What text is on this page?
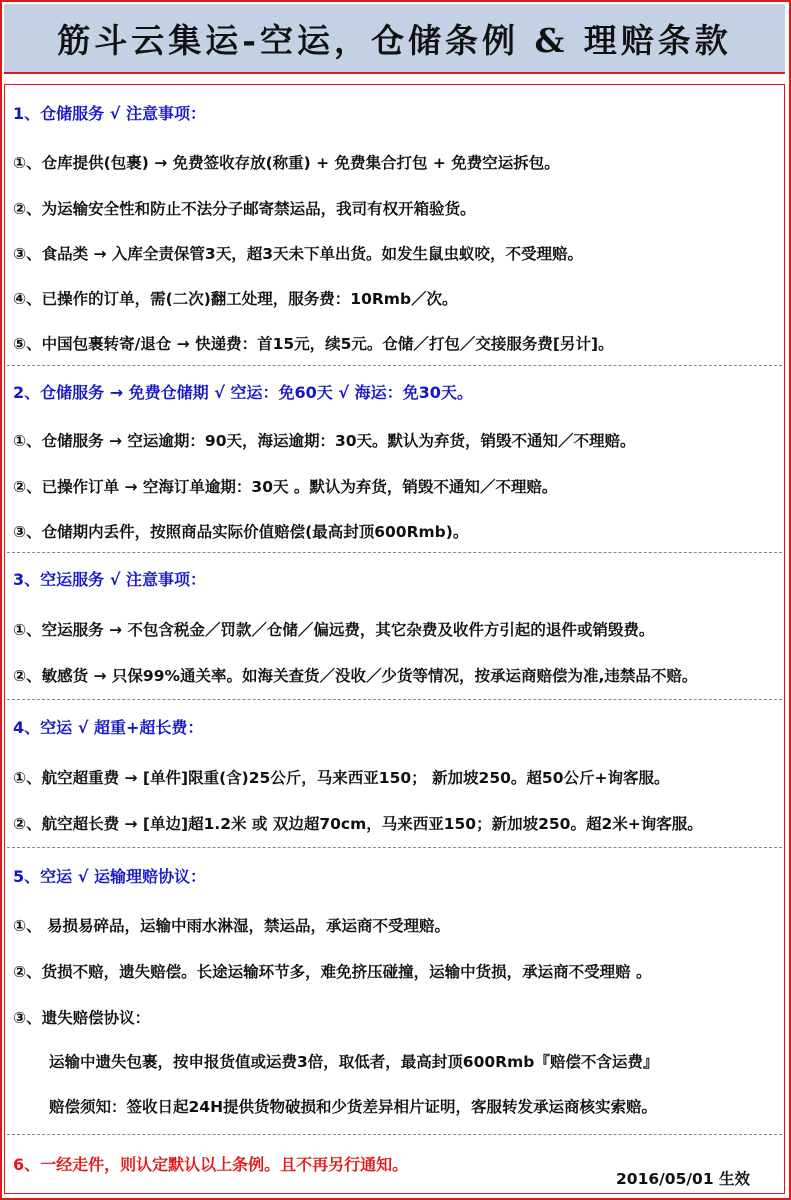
筋斗云集运-空运，仓储条例 & 理赔条款
1、仓储服务 √ 注意事项：
①、仓库提供(包裹) → 免费签收存放(称重) + 免费集合打包 + 免费空运拆包。
②、为运输安全性和防止不法分子邮寄禁运品，我司有权开箱验货。
③、食品类 → 入库全责保管3天，超3天未下单出货。如发生鼠虫蚁咬，不受理赔。
④、已操作的订单，需(二次)翻工处理，服务费：10Rmb／次。
⑤、中国包裹转寄/退仓 → 快递费：首15元，续5元。仓储／打包／交接服务费[另计]。
2、仓储服务 → 免费仓储期 √ 空运：免60天 √ 海运：免30天。
①、仓储服务 → 空运逾期：90天，海运逾期：30天。默认为弃货，销毁不通知／不理赔。
②、已操作订单 → 空海订单逾期：30天 。默认为弃货，销毁不通知／不理赔。
③、仓储期内丢件，按照商品实际价值赔偿(最高封顶600Rmb)。
3、空运服务 √ 注意事项：
①、空运服务 → 不包含税金／罚款／仓储／偏远费，其它杂费及收件方引起的退件或销毁费。
②、敏感货 → 只保99%通关率。如海关查货／没收／少货等情况，按承运商赔偿为准,违禁品不赔。
4、空运 √ 超重+超长费：
①、航空超重费 → [单件]限重(含)25公斤，马来西亚150； 新加坡250。超50公斤+询客服。
②、航空超长费 → [单边]超1.2米 或 双边超70cm，马来西亚150；新加坡250。超2米+询客服。
5、空运 √ 运输理赔协议：
①、 易损易碎品，运输中雨水淋湿，禁运品，承运商不受理赔。
②、货损不赔，遗失赔偿。长途运输环节多，难免挤压碰撞，运输中货损，承运商不受理赔 。
③、遗失赔偿协议：
运输中遗失包裹，按申报货值或运费3倍，取低者，最高封顶600Rmb『赔偿不含运费』
赔偿须知：签收日起24H提供货物破损和少货差异相片证明，客服转发承运商核实索赔。
6、一经走件，则认定默认以上条例。且不再另行通知。
2016/05/01 生效
